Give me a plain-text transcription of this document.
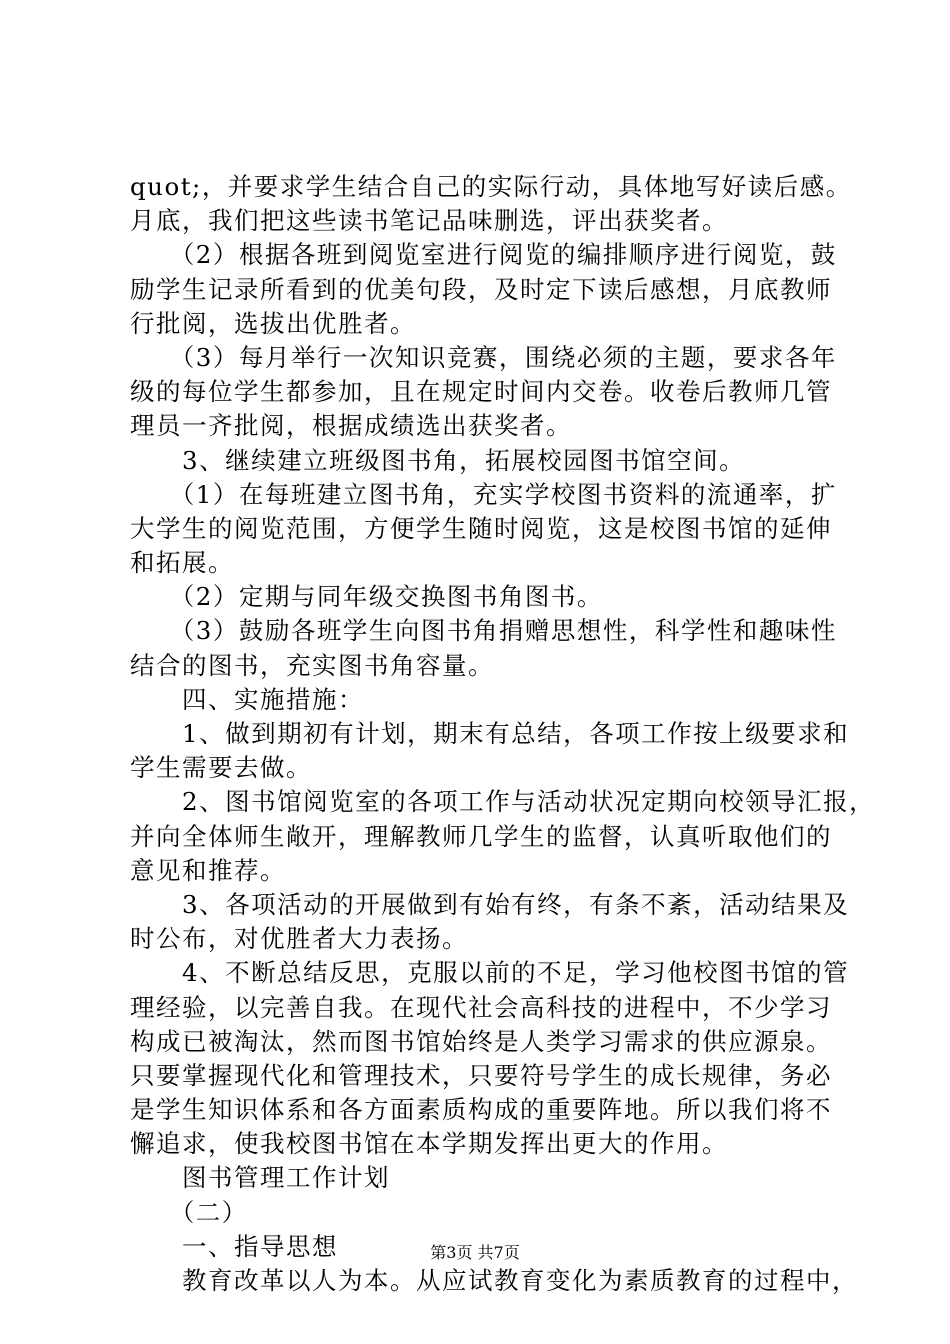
quot;，并要求学生结合自己的实际行动，具体地写好读后感。
月底，我们把这些读书笔记品味删选，评出获奖者。
　　（2）根据各班到阅览室进行阅览的编排顺序进行阅览，鼓
励学生记录所看到的优美句段，及时定下读后感想，月底教师
行批阅，选拔出优胜者。
　　（3）每月举行一次知识竞赛，围绕必须的主题，要求各年
级的每位学生都参加，且在规定时间内交卷。收卷后教师几管
理员一齐批阅，根据成绩选出获奖者。
　　3、继续建立班级图书角，拓展校园图书馆空间。
　　（1）在每班建立图书角，充实学校图书资料的流通率，扩
大学生的阅览范围，方便学生随时阅览，这是校图书馆的延伸
和拓展。
　　（2）定期与同年级交换图书角图书。
　　（3）鼓励各班学生向图书角捐赠思想性，科学性和趣味性
结合的图书，充实图书角容量。
　　四、实施措施：
　　1、做到期初有计划，期末有总结，各项工作按上级要求和
学生需要去做。
　　2、图书馆阅览室的各项工作与活动状况定期向校领导汇报，
并向全体师生敞开，理解教师几学生的监督，认真听取他们的
意见和推荐。
　　3、各项活动的开展做到有始有终，有条不紊，活动结果及
时公布，对优胜者大力表扬。
　　4、不断总结反思，克服以前的不足，学习他校图书馆的管
理经验，以完善自我。在现代社会高科技的进程中，不少学习
构成已被淘汰，然而图书馆始终是人类学习需求的供应源泉。
只要掌握现代化和管理技术，只要符号学生的成长规律，务必
是学生知识体系和各方面素质构成的重要阵地。所以我们将不
懈追求，使我校图书馆在本学期发挥出更大的作用。
　　图书管理工作计划
　　（二）
　　一、指导思想
　　教育改革以人为本。从应试教育变化为素质教育的过程中，
第3页 共7页
